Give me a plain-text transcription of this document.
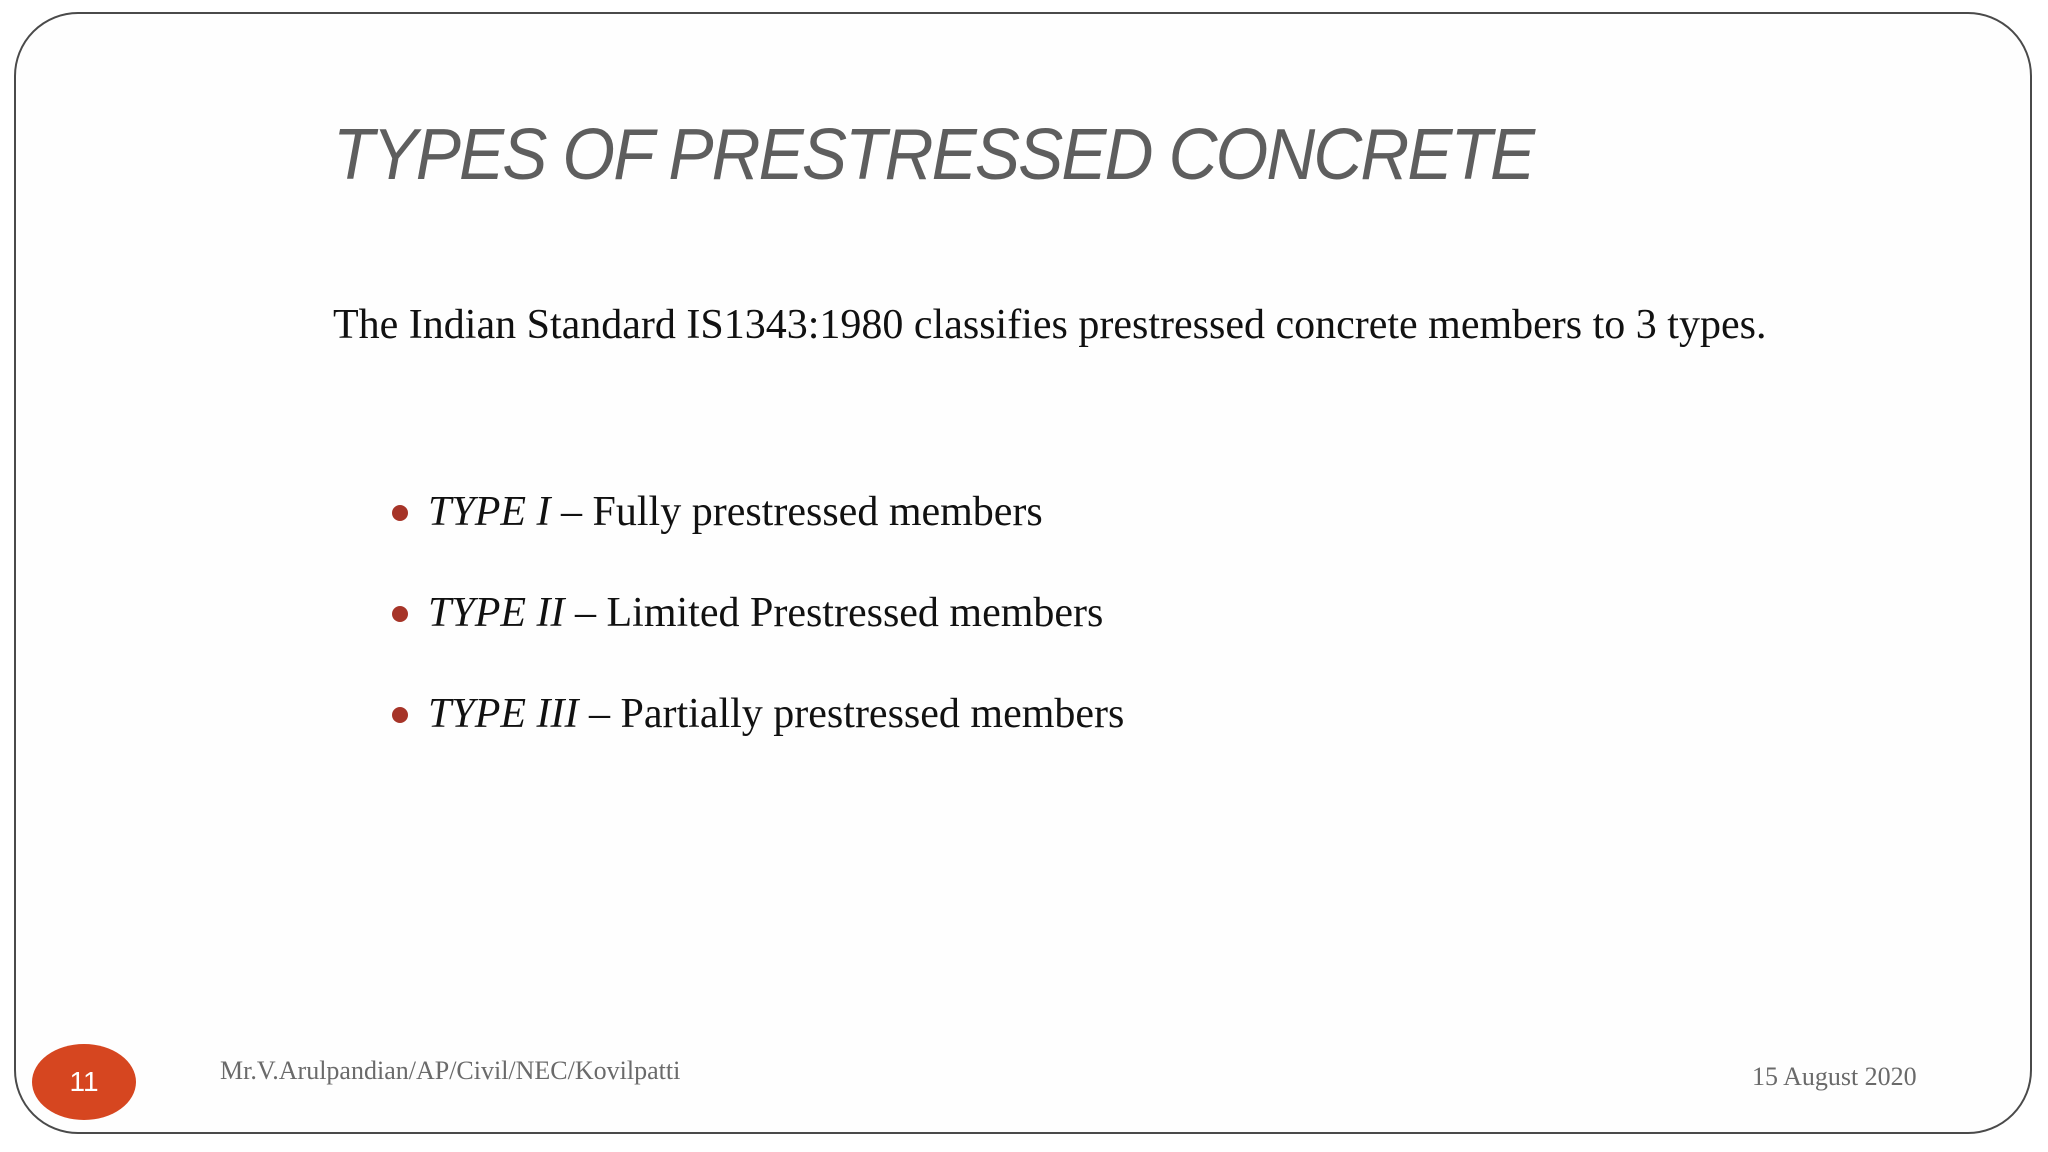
TYPES OF PRESTRESSED CONCRETE

The Indian Standard IS1343:1980 classifies prestressed concrete members to 3 types.

TYPE I – Fully prestressed members
TYPE II – Limited Prestressed members
TYPE III – Partially prestressed members
11	Mr.V.Arulpandian/AP/Civil/NEC/Kovilpatti	15 August 2020
